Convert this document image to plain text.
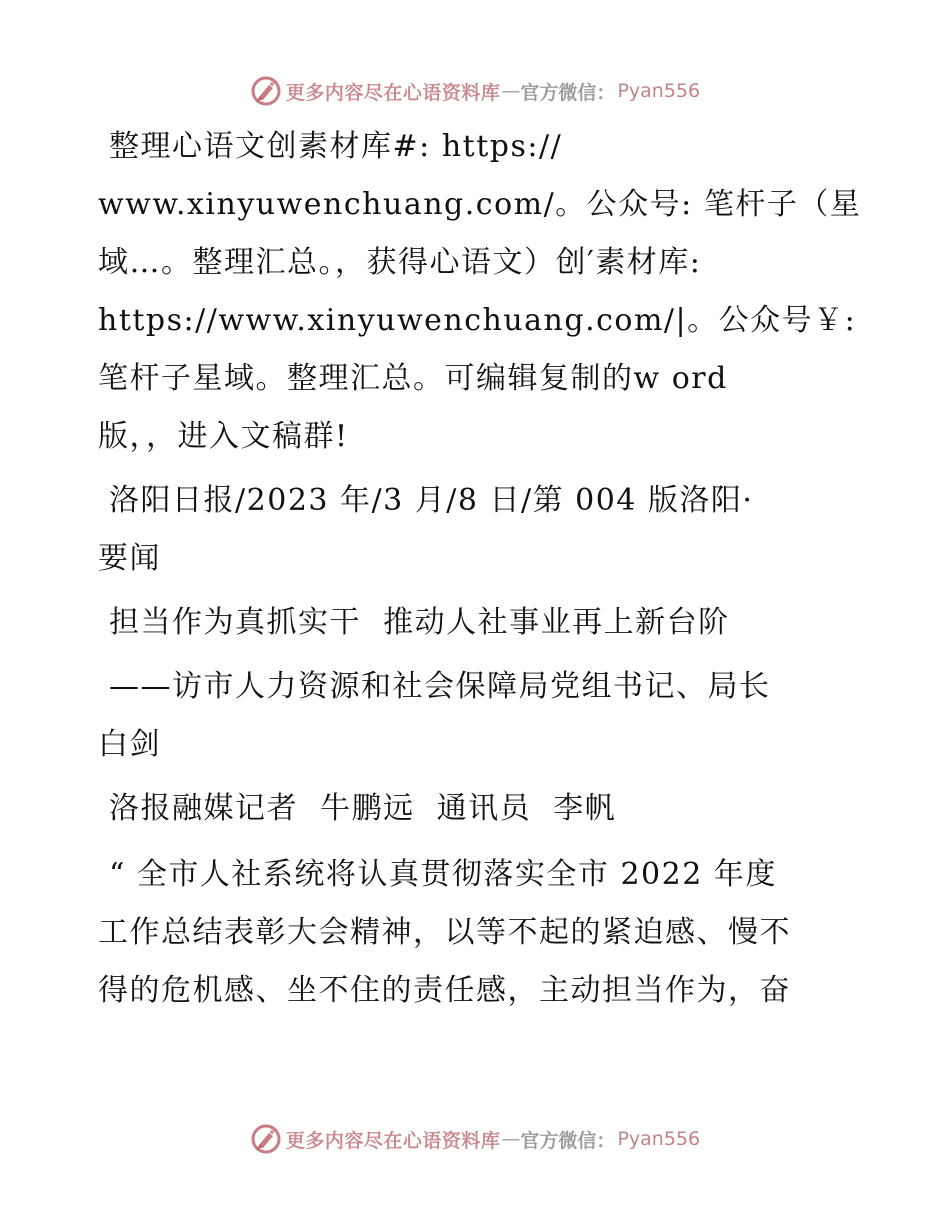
更多内容尽在心语资料库 — 官方微信： Pyan556
整理心语文创素材库#: https://
www.xinyuwenchuang.com/。公众号: 笔杆子（星
域…。整理汇总。，获得心语文）创′素材库:
https://www.xinyuwenchuang.com/|。公众号￥:
笔杆子星域。整理汇总。可编辑复制的w ord
版，，进入文稿群!
洛阳日报/2023 年/3 月/8 日/第 004 版洛阳·
要闻
担当作为真抓实干  推动人社事业再上新台阶
——访市人力资源和社会保障局党组书记、局长
白剑
洛报融媒记者  牛鹏远  通讯员  李帆
“ 全市人社系统将认真贯彻落实全市 2022 年度
工作总结表彰大会精神，以等不起的紧迫感、慢不
得的危机感、坐不住的责任感，主动担当作为，奋
更多内容尽在心语资料库 — 官方微信： Pyan556
